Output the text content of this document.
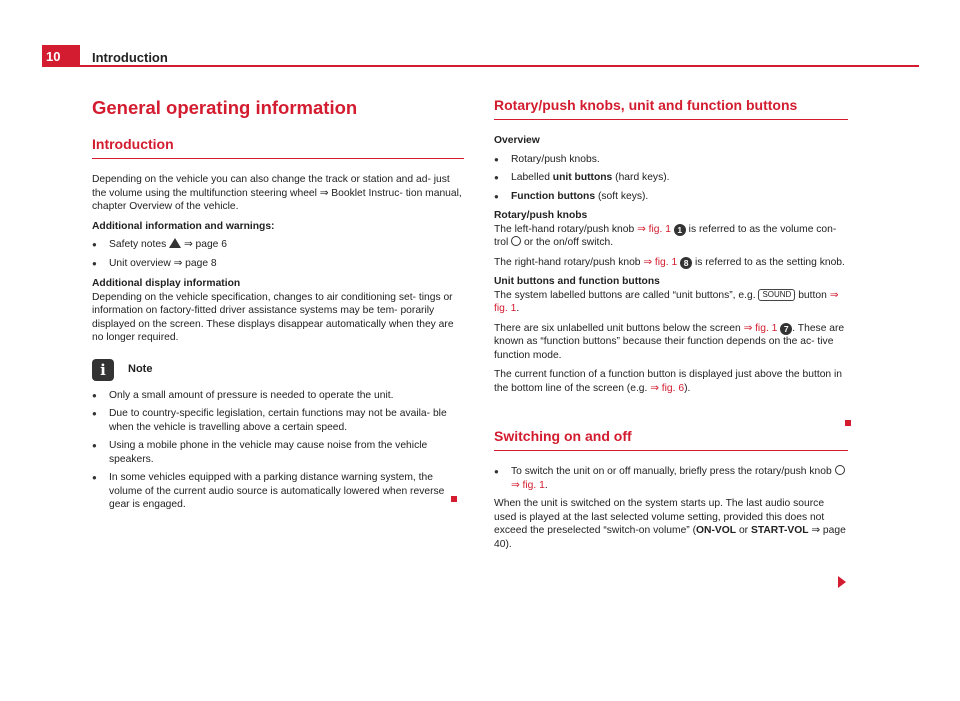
10 Introduction
General operating information
Introduction

Depending on the vehicle you can also change the track or station and ad- just the volume using the multifunction steering wheel ⇒ Booklet Instruc- tion manual, chapter Overview of the vehicle.

Additional information and warnings:

● Safety notes ⇒ page 6
● Unit overview ⇒ page 8

Additional display information

Depending on the vehicle specification, changes to air conditioning set- tings or information on factory-fitted driver assistance systems may be tem- porarily displayed on the screen. These displays disappear automatically when they are no longer required.

i	Note
● Only a small amount of pressure is needed to operate the unit.
● Due to country-specific legislation, certain functions may not be availa- ble when the vehicle is travelling above a certain speed.
● Using a mobile phone in the vehicle may cause noise from the vehicle speakers.
● In some vehicles equipped with a parking distance warning system, the volume of the current audio source is automatically lowered when reverse gear is engaged.
Rotary/push knobs, unit and function buttons

Overview

● Rotary/push knobs.
● Labelled unit buttons (hard keys).
● Function buttons (soft keys).

Rotary/push knobs

The left-hand rotary/push knob ⇒ fig. 1 1 is referred to as the volume con- trol  or the on/off switch.

The right-hand rotary/push knob ⇒ fig. 1 8 is referred to as the setting knob.

Unit buttons and function buttons

The system labelled buttons are called “unit buttons”, e.g. SOUND button ⇒ fig. 1.

There are six unlabelled unit buttons below the screen ⇒ fig. 1 7 . These are known as “function buttons” because their function depends on the ac- tive function mode.

The current function of a function button is displayed just above the button in the bottom line of the screen (e.g. ⇒ fig. 6).

Switching on and off
● To switch the unit on or off manually, briefly press the rotary/push knob  ⇒ fig. 1.

When the unit is switched on the system starts up. The last audio source used is played at the last selected volume setting, provided this does not exceed the preselected “switch-on volume” (ON-VOL or START-VOL ⇒ page 40).
